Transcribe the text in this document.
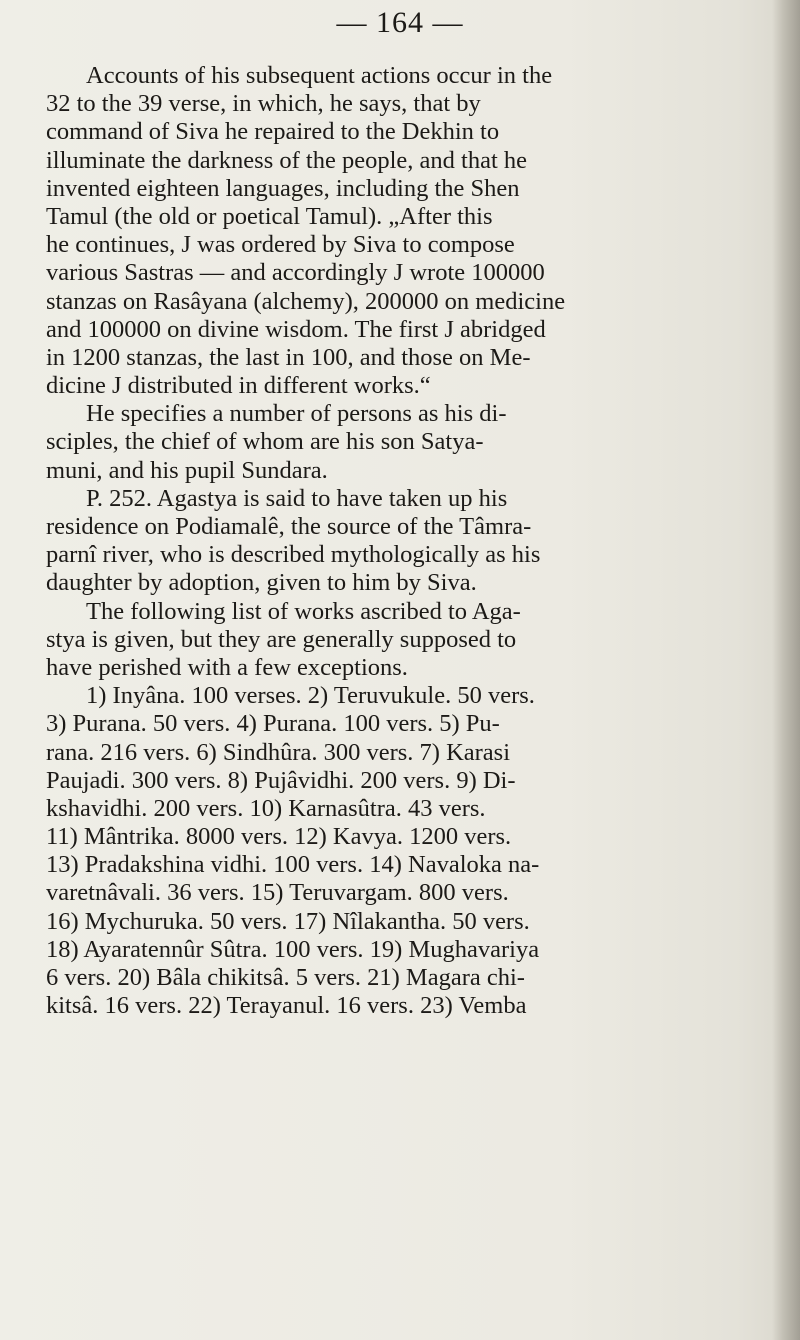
— 164 —
Accounts of his subsequent actions occur in the
32 to the 39 verse, in which, he says, that by
command of Siva he repaired to the Dekhin to
illuminate the darkness of the people, and that he
invented eighteen languages, including the Shen
Tamul (the old or poetical Tamul). „After this
he continues, J was ordered by Siva to compose
various Sastras — and accordingly J wrote 100000
stanzas on Rasâyana (alchemy), 200000 on medicine
and 100000 on divine wisdom. The first J abridged
in 1200 stanzas, the last in 100, and those on Me-
dicine J distributed in different works.“
He specifies a number of persons as his di-
sciples, the chief of whom are his son Satya-
muni, and his pupil Sundara.
P. 252. Agastya is said to have taken up his
residence on Podiamalê, the source of the Tâmra-
parnî river, who is described mythologically as his
daughter by adoption, given to him by Siva.
The following list of works ascribed to Aga-
stya is given, but they are generally supposed to
have perished with a few exceptions.
1) Inyâna. 100 verses. 2) Teruvukule. 50 vers.
3) Purana. 50 vers. 4) Purana. 100 vers. 5) Pu-
rana. 216 vers. 6) Sindhûra. 300 vers. 7) Karasi
Paujadi. 300 vers. 8) Pujâvidhi. 200 vers. 9) Di-
kshavidhi. 200 vers. 10) Karnasûtra. 43 vers.
11) Mântrika. 8000 vers. 12) Kavya. 1200 vers.
13) Pradakshina vidhi. 100 vers. 14) Navaloka na-
varetnâvali. 36 vers. 15) Teruvargam. 800 vers.
16) Mychuruka. 50 vers. 17) Nîlakantha. 50 vers.
18) Ayaratennûr Sûtra. 100 vers. 19) Mughavariya
6 vers. 20) Bâla chikitsâ. 5 vers. 21) Magara chi-
kitsâ. 16 vers. 22) Terayanul. 16 vers. 23) Vemba
